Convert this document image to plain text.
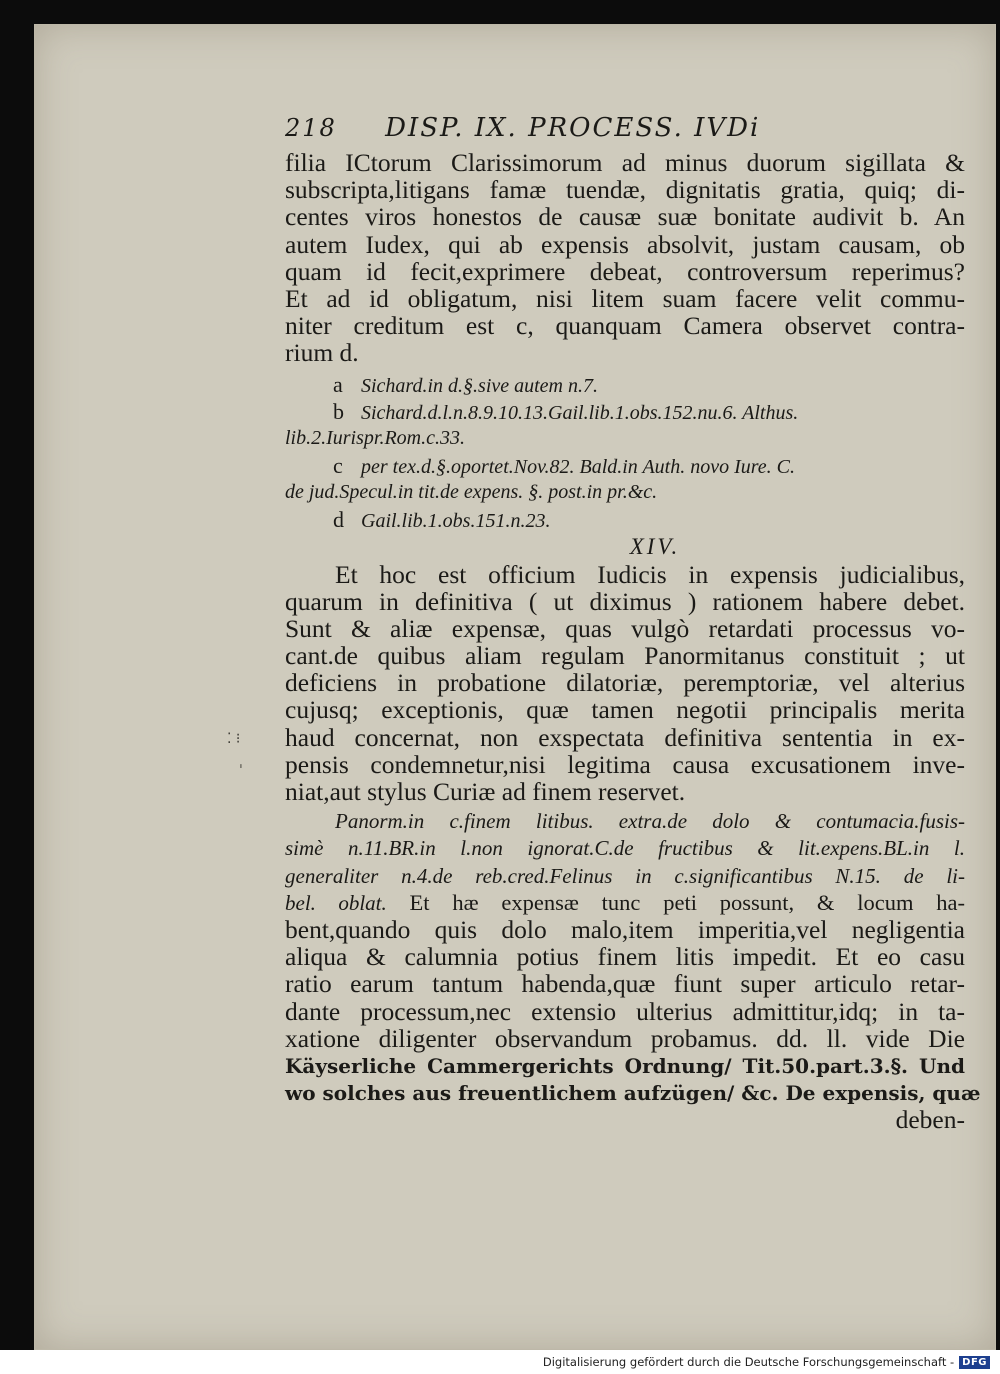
⁚ ⁝
ˈ
218 DISP. IX. PROCESS. IVDi
filia ICtorum Clarissimorum ad minus duorum sigillata &
subscripta,litigans famæ tuendæ, dignitatis gratia, quiq; di-
centes viros honestos de causæ suæ bonitate audivit b. An
autem Iudex, qui ab expensis absolvit, justam causam, ob
quam id fecit,exprimere debeat, controversum reperimus?
Et ad id obligatum, nisi litem suam facere velit commu-
niter creditum est c, quanquam Camera observet contra-
rium d.
a Sichard.in d.§.sive autem n.7.
b Sichard.d.l.n.8.9.10.13.Gail.lib.1.obs.152.nu.6. Althus.
lib.2.Iurispr.Rom.c.33.
c per tex.d.§.oportet.Nov.82. Bald.in Auth. novo Iure. C.
de jud.Specul.in tit.de expens. §. post.in pr.&c.
d Gail.lib.1.obs.151.n.23.
XIV.
Et hoc est officium Iudicis in expensis judicialibus,
quarum in definitiva ( ut diximus ) rationem habere debet.
Sunt & aliæ expensæ, quas vulgò retardati processus vo-
cant.de quibus aliam regulam Panormitanus constituit ; ut
deficiens in probatione dilatoriæ, peremptoriæ, vel alterius
cujusq; exceptionis, quæ tamen negotii principalis merita
haud concernat, non exspectata definitiva sententia in ex-
pensis condemnetur,nisi legitima causa excusationem inve-
niat,aut stylus Curiæ ad finem reservet.
Panorm.in c.finem litibus. extra.de dolo & contumacia.fusis-
simè n.11.BR.in l.non ignorat.C.de fructibus & lit.expens.BL.in l.
generaliter n.4.de reb.cred.Felinus in c.significantibus N.15. de li-
bel. oblat. Et hæ expensæ tunc peti possunt, & locum ha-
bent,quando quis dolo malo,item imperitia,vel negligentia
aliqua & calumnia potius finem litis impedit. Et eo casu
ratio earum tantum habenda,quæ fiunt super articulo retar-
dante processum,nec extensio ulterius admittitur,idq; in ta-
xatione diligenter observandum probamus. dd. ll. vide Die
Käyserliche Cammergerichts Ordnung/ Tit.50.part.3.§. Und
wo solches aus freuentlichem aufzügen/ &c. De expensis, quæ
deben-
Digitalisierung gefördert durch die Deutsche Forschungsgemeinschaft - DFG
